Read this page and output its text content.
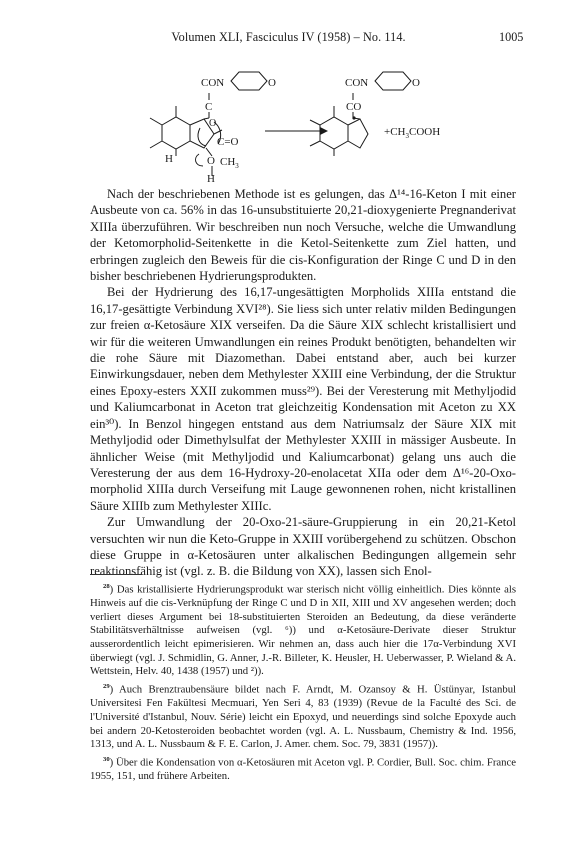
Volumen XLI, Fasciculus IV (1958) – No. 114.	1005
CON	O
C
O
C=O
H	O $CH_3$
H
CON	O
CO
$+CH_3COOH$

Nach der beschriebenen Methode ist es gelungen, das Δ¹⁴-16-Keton I mit einer Ausbeute von ca. 56% in das 16-unsubstituierte 20,21-dioxygenierte Pregnanderivat XIIIa überzuführen. Wir beschreiben nun noch Versuche, welche die Umwandlung der Ketomorpholid-Seitenkette in die Ketol-Seitenkette zum Ziel hatten, und erbringen zugleich den Beweis für die cis-Konfiguration der Ringe C und D in den bisher beschriebenen Hydrierungsprodukten.

Bei der Hydrierung des 16,17-ungesättigten Morpholids XIIIa entstand die 16,17-gesättigte Verbindung XVI²⁸). Sie liess sich unter relativ milden Bedingungen zur freien α-Ketosäure XIX verseifen. Da die Säure XIX schlecht kristallisiert und wir für die weiteren Umwandlungen ein reines Produkt benötigten, behandelten wir die rohe Säure mit Diazomethan. Dabei entstand aber, auch bei kurzer Einwirkungsdauer, neben dem Methylester XXIII eine Verbindung, der die Struktur eines Epoxy-esters XXII zukommen muss²⁹). Bei der Veresterung mit Methyljodid und Kaliumcarbonat in Aceton trat gleichzeitig Kondensation mit Aceton zu XX ein³⁰). In Benzol hingegen entstand aus dem Natriumsalz der Säure XIX mit Methyljodid oder Dimethylsulfat der Methylester XXIII in mässiger Ausbeute. In ähnlicher Weise (mit Methyljodid und Kaliumcarbonat) gelang uns auch die Veresterung der aus dem 16-Hydroxy-20-enolacetat XIIa oder dem Δ¹⁶-20-Oxo-morpholid XIIIa durch Verseifung mit Lauge gewonnenen rohen, nicht kristallinen Säure XIIIb zum Methylester XIIIc.

Zur Umwandlung der 20-Oxo-21-säure-Gruppierung in ein 20,21-Ketol versuchten wir nun die Keto-Gruppe in XXIII vorübergehend zu schützen. Obschon diese Gruppe in α-Ketosäuren unter alkalischen Bedingungen allgemein sehr reaktionsfähig ist (vgl. z. B. die Bildung von XX), lassen sich Enol-

$^{28}$) Das kristallisierte Hydrierungsprodukt war sterisch nicht völlig einheitlich. Dies könnte als Hinweis auf die cis-Verknüpfung der Ringe C und D in XII, XIII und XV angesehen werden; doch verliert dieses Argument bei 18-substituierten Steroiden an Bedeutung, da diese veränderte Stabilitätsverhältnisse aufweisen (vgl. ⁶)) und α-Ketosäure-Derivate dieser Struktur ausserordentlich leicht epimerisieren. Wir nehmen an, dass auch hier die 17α-Verbindung XVI überwiegt (vgl. J. Schmidlin, G. Anner, J.-R. Billeter, K. Heusler, H. Ueberwasser, P. Wieland & A. Wettstein, Helv. 40, 1438 (1957) und ²)).

$^{29}$) Auch Brenztraubensäure bildet nach F. Arndt, M. Ozansoy & H. Üstünyar, Istanbul Universitesi Fen Fakültesi Mecmuari, Yen Seri 4, 83 (1939) (Revue de la Faculté des Sci. de l'Université d'Istanbul, Nouv. Série) leicht ein Epoxyd, und neuerdings sind solche Epoxyde auch bei andern 20-Ketosteroiden beobachtet worden (vgl. A. L. Nussbaum, Chemistry & Ind. 1956, 1313, und A. L. Nussbaum & F. E. Carlon, J. Amer. chem. Soc. 79, 3831 (1957)).

$^{30}$) Über die Kondensation von α-Ketosäuren mit Aceton vgl. P. Cordier, Bull. Soc. chim. France 1955, 151, und frühere Arbeiten.
